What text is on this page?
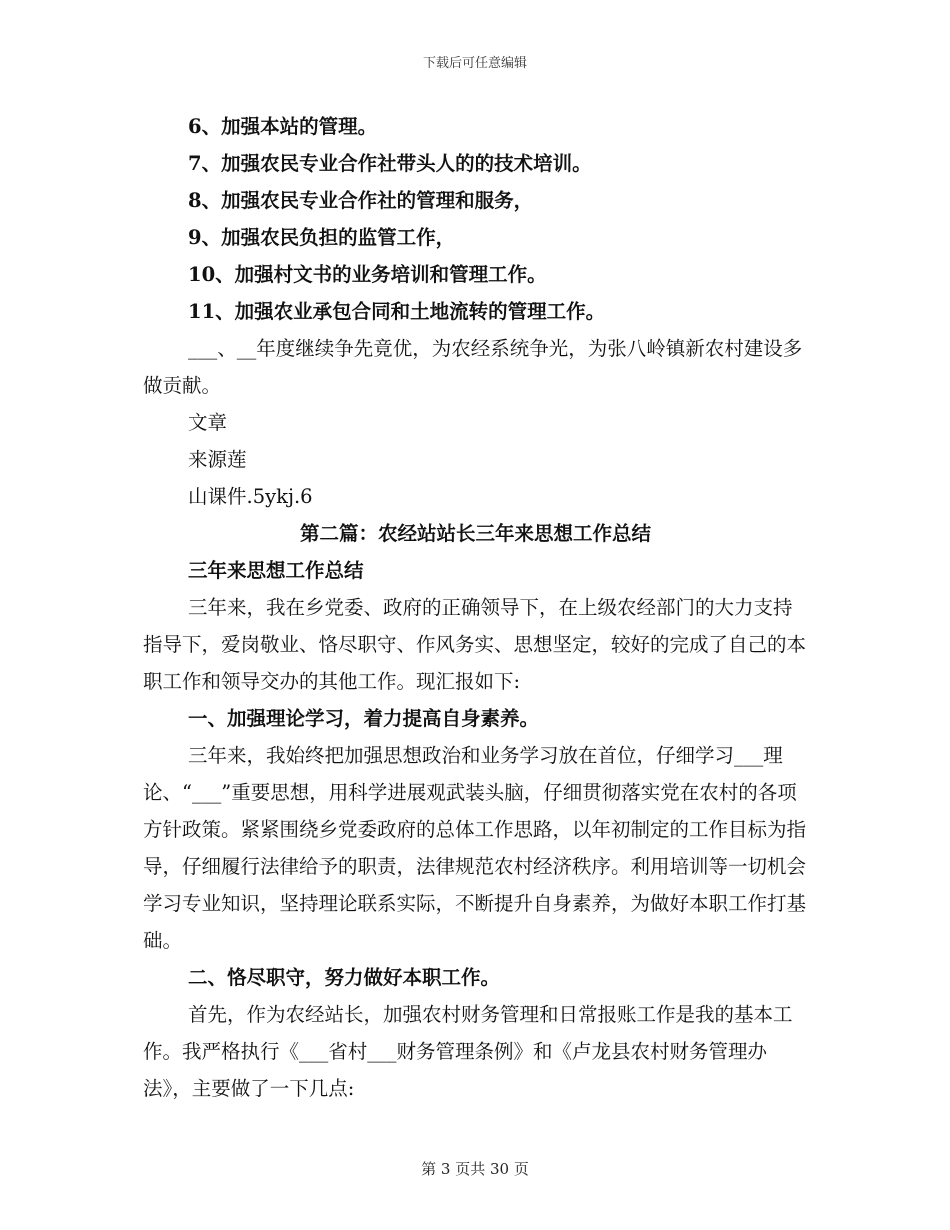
下载后可任意编辑

6、加强本站的管理。

7、加强农民专业合作社带头人的的技术培训。

8、加强农民专业合作社的管理和服务，

9、加强农民负担的监管工作，

10、加强村文书的业务培训和管理工作。

11、加强农业承包合同和土地流转的管理工作。

___、__年度继续争先竟优，为农经系统争光，为张八岭镇新农村建设多做贡献。

文章

来源莲

山课件.5ykj.6

第二篇：农经站站长三年来思想工作总结

三年来思想工作总结

三年来，我在乡党委、政府的正确领导下，在上级农经部门的大力支持指导下，爱岗敬业、恪尽职守、作风务实、思想坚定，较好的完成了自己的本职工作和领导交办的其他工作。现汇报如下:

一、加强理论学习，着力提高自身素养。

三年来，我始终把加强思想政治和业务学习放在首位，仔细学习___理论、“___”重要思想，用科学进展观武装头脑，仔细贯彻落实党在农村的各项方针政策。紧紧围绕乡党委政府的总体工作思路，以年初制定的工作目标为指导，仔细履行法律给予的职责，法律规范农村经济秩序。利用培训等一切机会学习专业知识，坚持理论联系实际，不断提升自身素养，为做好本职工作打基础。

二、恪尽职守，努力做好本职工作。

首先，作为农经站长，加强农村财务管理和日常报账工作是我的基本工作。我严格执行《___省村___财务管理条例》和《卢龙县农村财务管理办法》，主要做了一下几点:

第 3 页共 30 页
